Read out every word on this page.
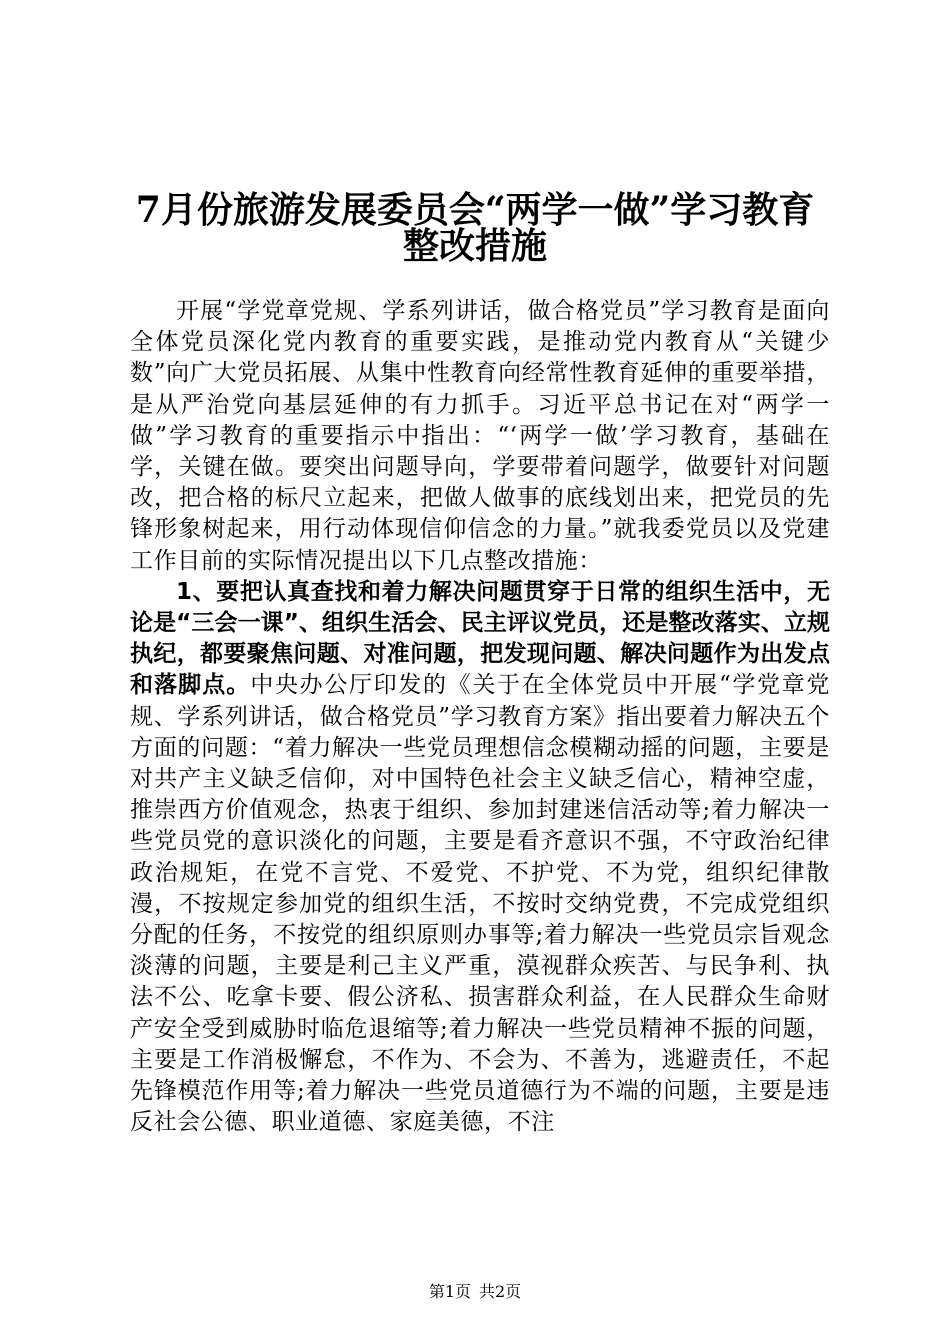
7月份旅游发展委员会“两学一做”学习教育
整改措施

开展“学党章党规、学系列讲话，做合格党员”学习教育是面向全体党员深化党内教育的重要实践，是推动党内教育从“关键少数”向广大党员拓展、从集中性教育向经常性教育延伸的重要举措，是从严治党向基层延伸的有力抓手。习近平总书记在对“两学一做”学习教育的重要指示中指出：“‘两学一做’学习教育，基础在学，关键在做。要突出问题导向，学要带着问题学，做要针对问题改，把合格的标尺立起来，把做人做事的底线划出来，把党员的先锋形象树起来，用行动体现信仰信念的力量。”就我委党员以及党建工作目前的实际情况提出以下几点整改措施：

1、要把认真查找和着力解决问题贯穿于日常的组织生活中，无论是“三会一课”、组织生活会、民主评议党员，还是整改落实、立规执纪，都要聚焦问题、对准问题，把发现问题、解决问题作为出发点和落脚点。中央办公厅印发的《关于在全体党员中开展“学党章党规、学系列讲话，做合格党员”学习教育方案》指出要着力解决五个方面的问题：“着力解决一些党员理想信念模糊动摇的问题，主要是对共产主义缺乏信仰，对中国特色社会主义缺乏信心，精神空虚，推崇西方价值观念，热衷于组织、参加封建迷信活动等;着力解决一些党员党的意识淡化的问题，主要是看齐意识不强，不守政治纪律政治规矩，在党不言党、不爱党、不护党、不为党，组织纪律散漫，不按规定参加党的组织生活，不按时交纳党费，不完成党组织分配的任务，不按党的组织原则办事等;着力解决一些党员宗旨观念淡薄的问题，主要是利己主义严重，漠视群众疾苦、与民争利、执法不公、吃拿卡要、假公济私、损害群众利益，在人民群众生命财产安全受到威胁时临危退缩等;着力解决一些党员精神不振的问题，主要是工作消极懈怠，不作为、不会为、不善为，逃避责任，不起先锋模范作用等;着力解决一些党员道德行为不端的问题，主要是违反社会公德、职业道德、家庭美德，不注

第1页 共2页
